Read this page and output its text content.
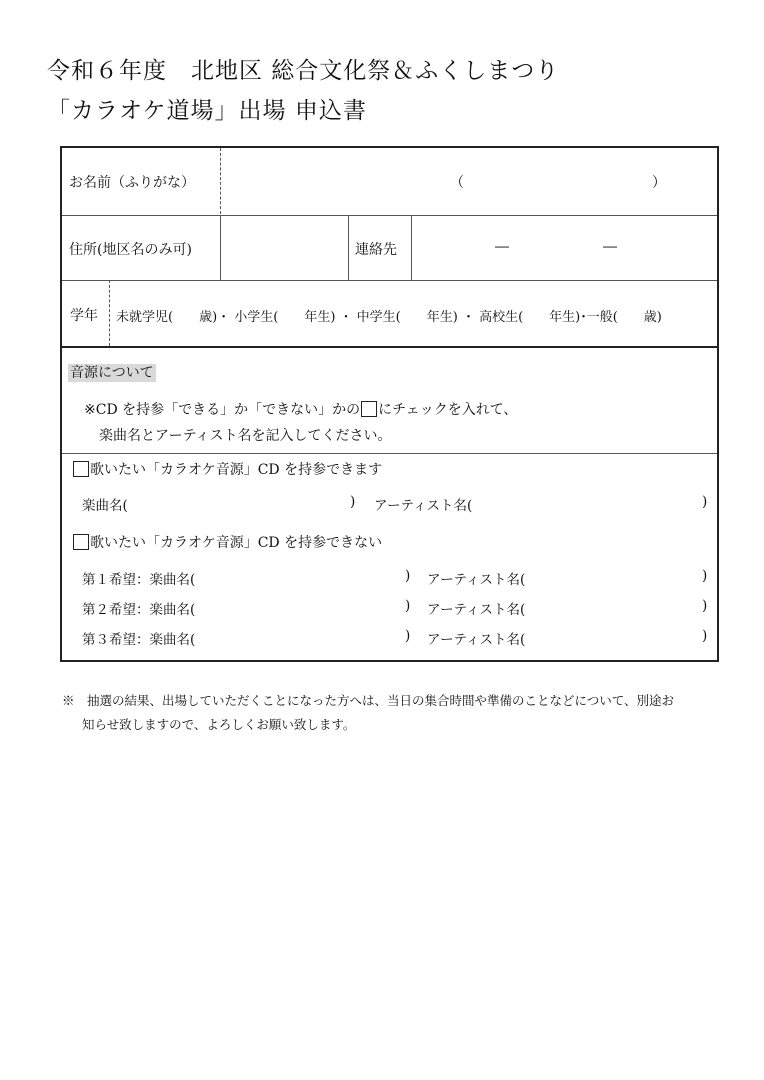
令和６年度　北地区 総合文化祭＆ふくしまつり
「カラオケ道場」出場 申込書
お名前（ふりがな）	（	）
住所(地区名のみ可)	連絡先	―	―
学年 未就学児(　　歳)・ 小学生(　　年生) ・ 中学生(　　年生) ・ 高校生(　　年生)･一般(　　歳)
音源について
※CD を持参「できる」か「できない」かの にチェックを入れて、
楽曲名とアーティスト名を記入してください。
歌いたい「カラオケ音源」CD を持参できます
楽曲名(	) アーティスト名(	)
歌いたい「カラオケ音源」CD を持参できない
第１希望：楽曲名(	) アーティスト名(	)
第２希望：楽曲名(	) アーティスト名(	)
第３希望：楽曲名(	) アーティスト名(	)
※　抽選の結果、出場していただくことになった方へは、当日の集合時間や準備のことなどについて、別途お
知らせ致しますので、よろしくお願い致します。
